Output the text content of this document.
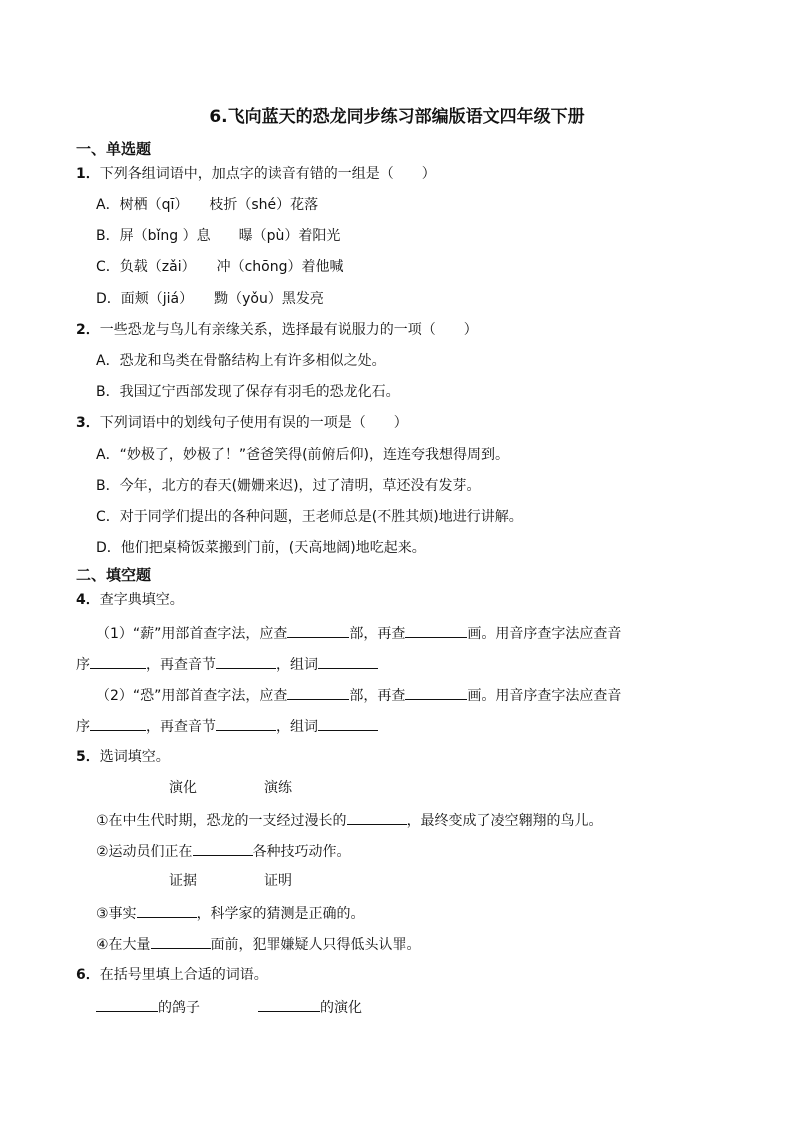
6.飞向蓝天的恐龙同步练习部编版语文四年级下册
一、单选题
1．下列各组词语中，加点字的读音有错的一组是（　　）
A．树栖（qī）　　枝折（shé）花落
B．屏（bǐng ）息　　曝（pù）着阳光
C．负载（zǎi）　　冲（chōng）着他喊
D．面颊（jiá）　　黝（yǒu）黑发亮
2．一些恐龙与鸟儿有亲缘关系，选择最有说服力的一项（　　）
A．恐龙和鸟类在骨骼结构上有许多相似之处。
B．我国辽宁西部发现了保存有羽毛的恐龙化石。
3．下列词语中的划线句子使用有误的一项是（　　）
A．“妙极了，妙极了！”爸爸笑得(前俯后仰)，连连夸我想得周到。
B．今年，北方的春天(姗姗来迟)，过了清明，草还没有发芽。
C．对于同学们提出的各种问题，王老师总是(不胜其烦)地进行讲解。
D．他们把桌椅饭菜搬到门前，(天高地阔)地吃起来。
二、填空题
4．查字典填空。
（1）“薪”用部首查字法，应查	部，再查	画。用音序查字法应查音
序	，再查音节	，组词
（2）“恐”用部首查字法，应查	部，再查	画。用音序查字法应查音
序	，再查音节	，组词
5．选词填空。
演化	演练
①在中生代时期，恐龙的一支经过漫长的	，最终变成了凌空翱翔的鸟儿。
②运动员们正在	各种技巧动作。
证据	证明
③事实	，科学家的猜测是正确的。
④在大量	面前，犯罪嫌疑人只得低头认罪。
6．在括号里填上合适的词语。
的鸽子	的演化
